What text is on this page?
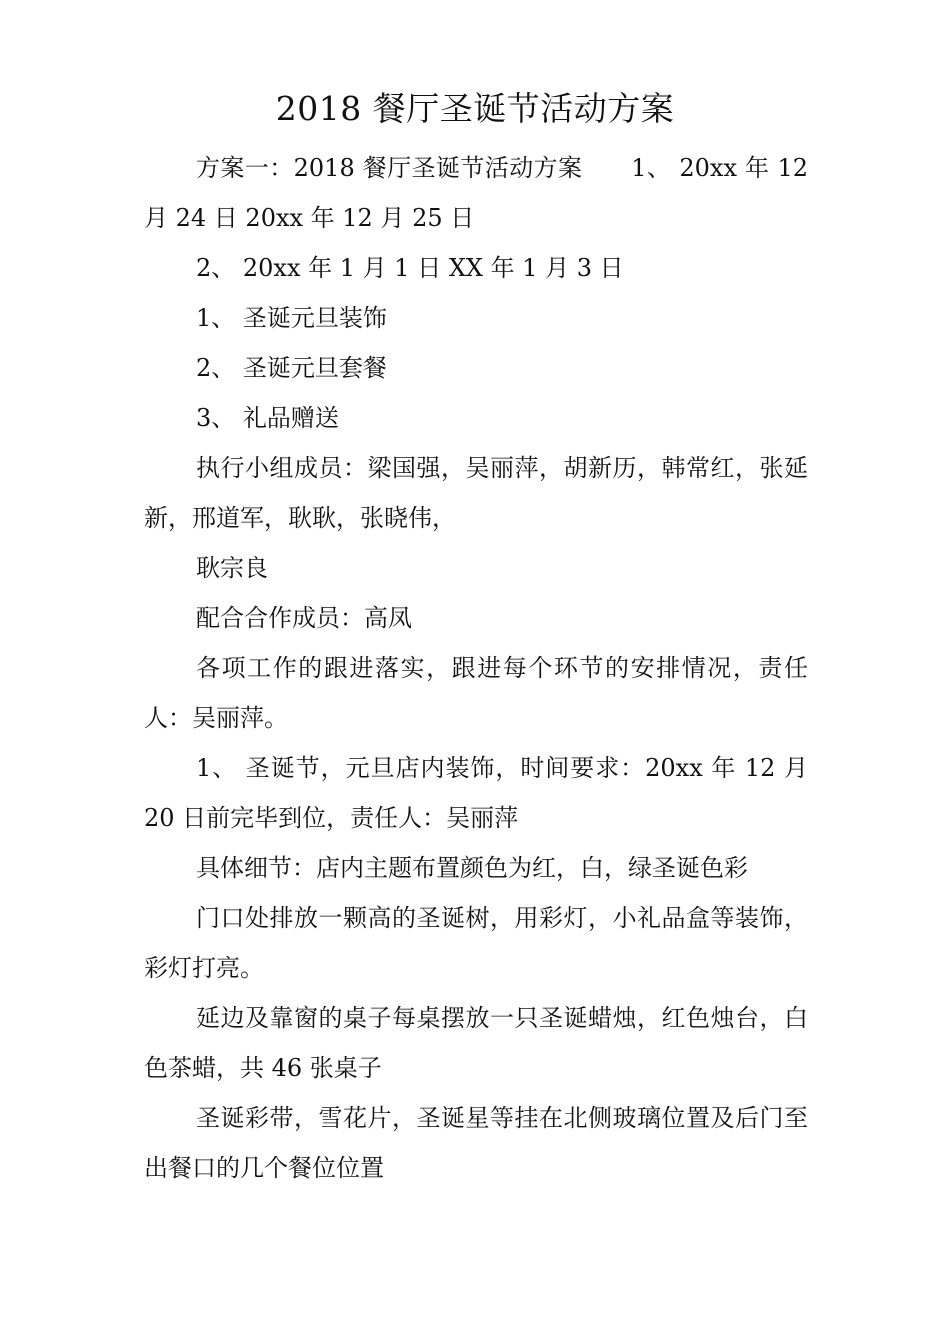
2018 餐厅圣诞节活动方案

方案一：2018 餐厅圣诞节活动方案　　1、 20xx 年 12 月 24 日 20xx 年 12 月 25 日

2、 20xx 年 1 月 1 日 XX 年 1 月 3 日

1、 圣诞元旦装饰

2、 圣诞元旦套餐

3、 礼品赠送

执行小组成员：梁国强，吴丽萍，胡新历，韩常红，张延新，邢道军，耿耿，张晓伟，

耿宗良

配合合作成员：高凤

各项工作的跟进落实，跟进每个环节的安排情况，责任人：吴丽萍。

1、 圣诞节，元旦店内装饰，时间要求：20xx 年 12 月 20 日前完毕到位，责任人：吴丽萍

具体细节：店内主题布置颜色为红，白，绿圣诞色彩

门口处排放一颗高的圣诞树，用彩灯，小礼品盒等装饰，彩灯打亮。

延边及靠窗的桌子每桌摆放一只圣诞蜡烛，红色烛台，白色茶蜡，共 46 张桌子

圣诞彩带，雪花片，圣诞星等挂在北侧玻璃位置及后门至出餐口的几个餐位位置
